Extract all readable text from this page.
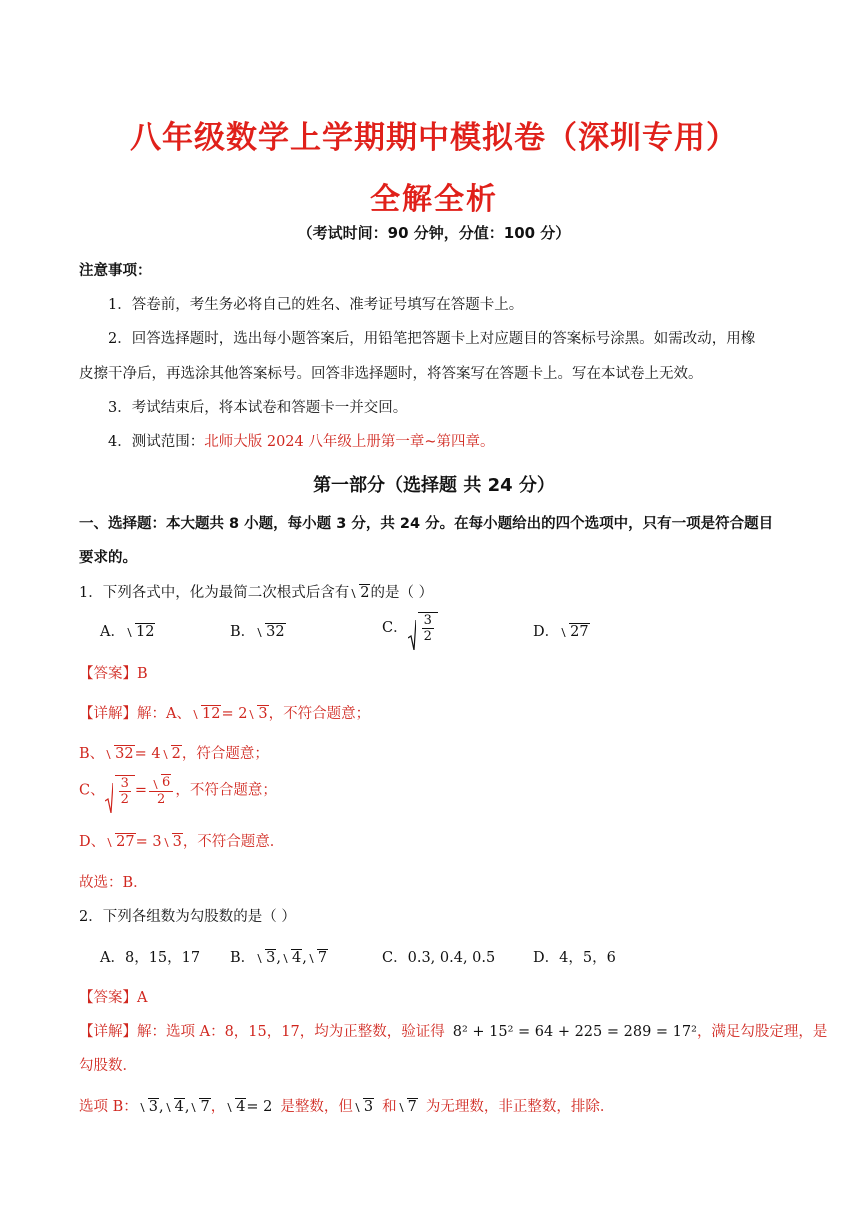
八年级数学上学期期中模拟卷（深圳专用）
全解全析
（考试时间：90 分钟，分值：100 分）
注意事项：
1．答卷前，考生务必将自己的姓名、准考证号填写在答题卡上。
2．回答选择题时，选出每小题答案后，用铅笔把答题卡上对应题目的答案标号涂黑。如需改动，用橡
皮擦干净后，再选涂其他答案标号。回答非选择题时，将答案写在答题卡上。写在本试卷上无效。
3．考试结束后，将本试卷和答题卡一并交回。
4．测试范围：北师大版 2024 八年级上册第一章~第四章。
第一部分（选择题 共 24 分）
一、选择题：本大题共 8 小题，每小题 3 分，共 24 分。在每小题给出的四个选项中，只有一项是符合题目
要求的。
1．下列各式中，化为最简二次根式后含有 2的是（ ）
A． 12	B． 32	C． $\frac{3}{2}$	D． 27
【答案】B
【详解】解：A、 12= 2 3，不符合题意；
B、 32= 4 2，符合题意；
C、 $\frac{3}{2} = \frac{6}{2}$ ，不符合题意；
D、 27= 3 3，不符合题意．
故选：B．
2．下列各组数为勾股数的是（ ）
A．8，15，17 B． 3, 4, 7	C．0.3, 0.4, 0.5	D．4，5，6
【答案】A
【详解】解：选项 A：8，15，17，均为正整数，验证得 8² + 15² = 64 + 225 = 289 = 17²，满足勾股定理，是
勾股数．
选项 B： 3, 4, 7， 4= 2 是整数，但 3 和 7 为无理数，非正整数，排除．
